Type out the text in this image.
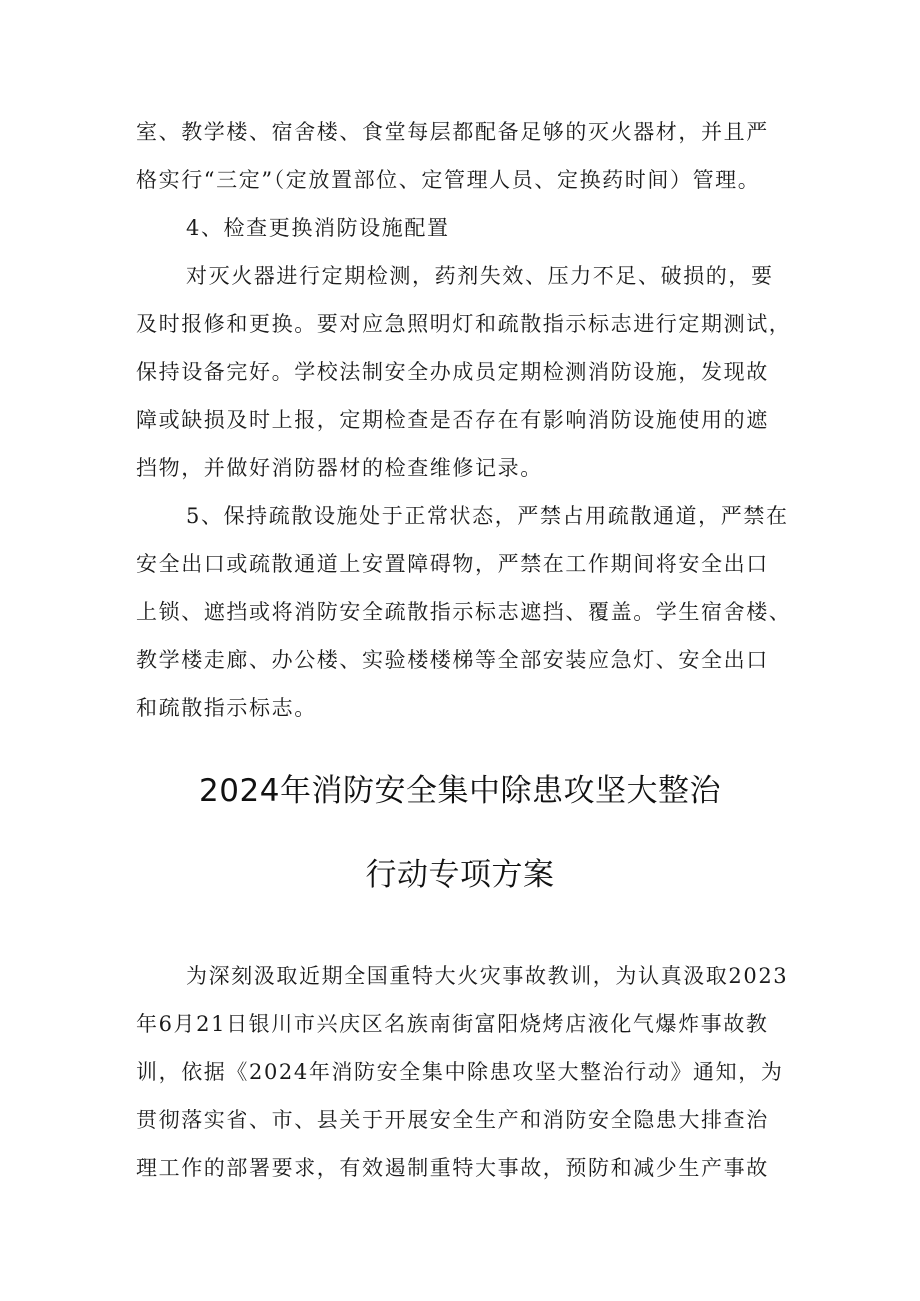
室、教学楼、宿舍楼、食堂每层都配备足够的灭火器材，并且严
格实行“三定”（定放置部位、定管理人员、定换药时间）管理。
4、检查更换消防设施配置
对灭火器进行定期检测，药剂失效、压力不足、破损的，要
及时报修和更换。要对应急照明灯和疏散指示标志进行定期测试，
保持设备完好。学校法制安全办成员定期检测消防设施，发现故
障或缺损及时上报，定期检查是否存在有影响消防设施使用的遮
挡物，并做好消防器材的检查维修记录。
5、保持疏散设施处于正常状态，严禁占用疏散通道，严禁在
安全出口或疏散通道上安置障碍物，严禁在工作期间将安全出口
上锁、遮挡或将消防安全疏散指示标志遮挡、覆盖。学生宿舍楼、
教学楼走廊、办公楼、实验楼楼梯等全部安装应急灯、安全出口
和疏散指示标志。
2024年消防安全集中除患攻坚大整治
行动专项方案
为深刻汲取近期全国重特大火灾事故教训，为认真汲取2023
年6月21日银川市兴庆区名族南街富阳烧烤店液化气爆炸事故教
训，依据《2024年消防安全集中除患攻坚大整治行动》通知，为
贯彻落实省、市、县关于开展安全生产和消防安全隐患大排查治
理工作的部署要求，有效遏制重特大事故，预防和减少生产事故
